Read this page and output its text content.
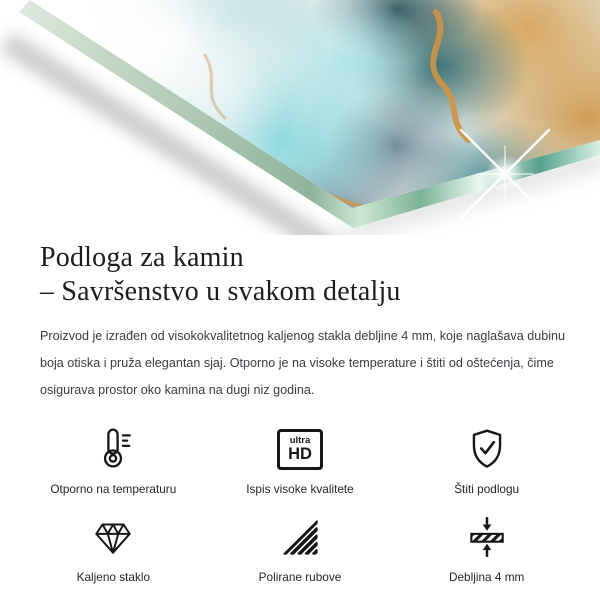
Podloga za kamin
– Savršenstvo u svakom detalju

Proizvod je izrađen od visokokvalitetnog kaljenog stakla debljine 4 mm, koje naglašava dubinu
boja otiska i pruža elegantan sjaj. Otporno je na visoke temperature i štiti od oštećenja, čime
osigurava prostor oko kamina na dugi niz godina.

Otporno na temperaturu
ultra
HD
Ispis visoke kvalitete	Štiti podlogu
Kaljeno staklo	Polirane rubove	Debljina 4 mm
